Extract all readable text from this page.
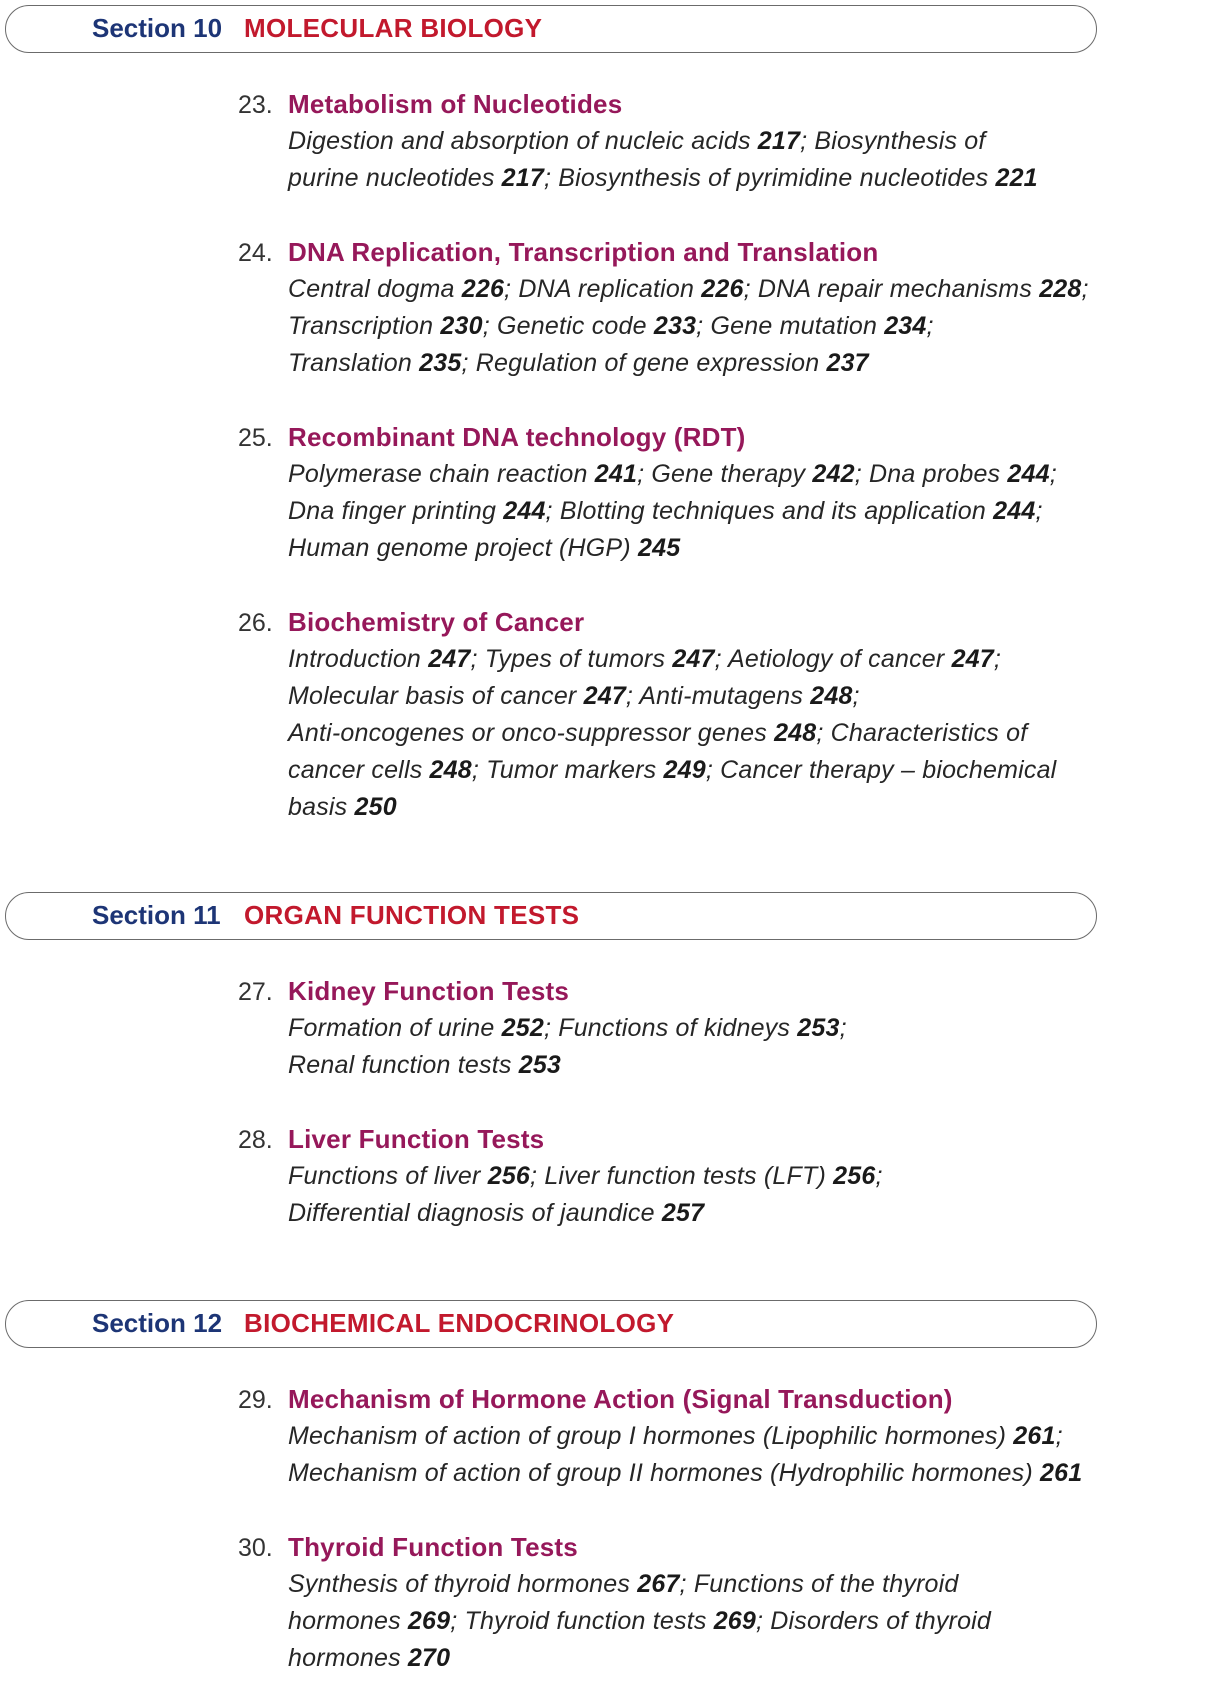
Section 10 MOLECULAR BIOLOGY
23. Metabolism of Nucleotides
Digestion and absorption of nucleic acids 217; Biosynthesis of
purine nucleotides 217; Biosynthesis of pyrimidine nucleotides 221
24. DNA Replication, Transcription and Translation
Central dogma 226; DNA replication 226; DNA repair mechanisms 228;
Transcription 230; Genetic code 233; Gene mutation 234;
Translation 235; Regulation of gene expression 237
25. Recombinant DNA technology (RDT)
Polymerase chain reaction 241; Gene therapy 242; Dna probes 244;
Dna finger printing 244; Blotting techniques and its application 244;
Human genome project (HGP) 245
26. Biochemistry of Cancer
Introduction 247; Types of tumors 247; Aetiology of cancer 247;
Molecular basis of cancer 247; Anti-mutagens 248;
Anti-oncogenes or onco-suppressor genes 248; Characteristics of
cancer cells 248; Tumor markers 249; Cancer therapy – biochemical
basis 250
Section 11 ORGAN FUNCTION TESTS
27. Kidney Function Tests
Formation of urine 252; Functions of kidneys 253;
Renal function tests 253
28. Liver Function Tests
Functions of liver 256; Liver function tests (LFT) 256;
Differential diagnosis of jaundice 257
Section 12 BIOCHEMICAL ENDOCRINOLOGY
29. Mechanism of Hormone Action (Signal Transduction)
Mechanism of action of group I hormones (Lipophilic hormones) 261;
Mechanism of action of group II hormones (Hydrophilic hormones) 261
30. Thyroid Function Tests
Synthesis of thyroid hormones 267; Functions of the thyroid
hormones 269; Thyroid function tests 269; Disorders of thyroid
hormones 270
